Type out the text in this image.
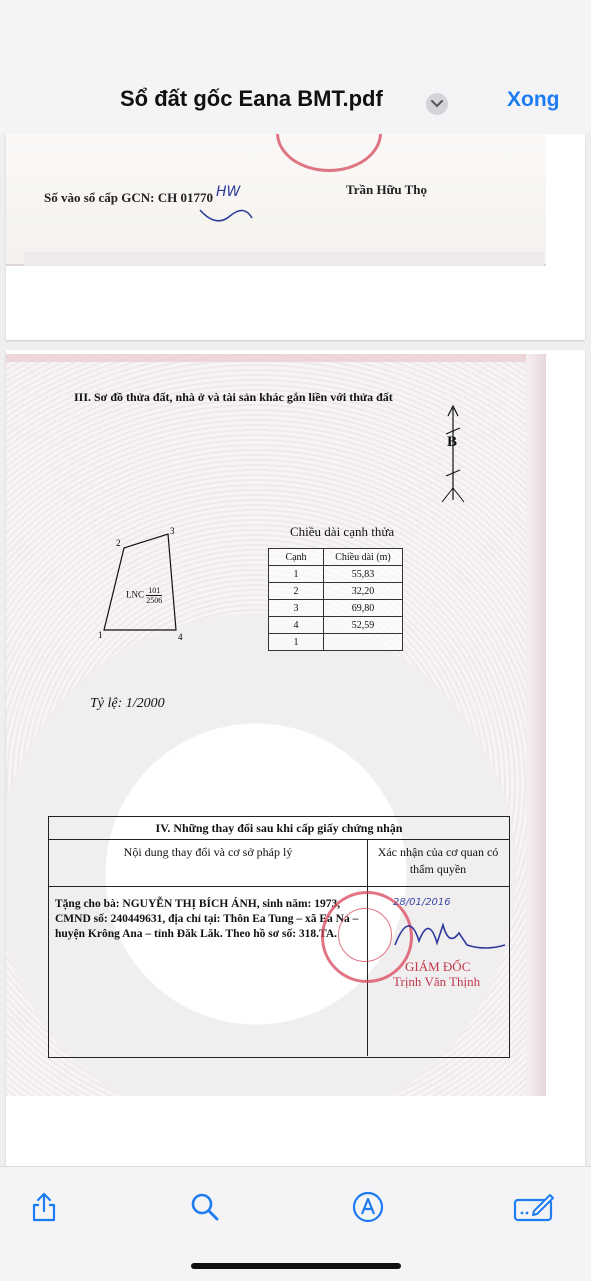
Sổ đất gốc Eana BMT.pdf	Xong
Số vào sổ cấp GCN: CH 01770 HW	Trần Hữu Thọ
III. Sơ đồ thửa đất, nhà ở và tài sản khác gắn liền với thửa đất
B
1
2
3
4
LNC $\frac{101}{2506}$
Chiều dài cạnh thửa
Cạnh	Chiều dài (m)
1	55,83
2	32,20
3	69,80
4	52,59
1	
Tỷ lệ: 1/2000
IV. Những thay đổi sau khi cấp giấy chứng nhận
Nội dung thay đổi và cơ sở pháp lý	Xác nhận của cơ quan có thẩm quyền
Tặng cho bà: NGUYỄN THỊ BÍCH ÁNH, sinh năm: 1973, CMND số: 240449631, địa chỉ tại: Thôn Ea Tung – xã Ea Na – huyện Krông Ana – tỉnh Đăk Lăk. Theo hồ sơ số: 318.TA.
28/01/2016
GIÁM ĐỐC
Trịnh Văn Thịnh
